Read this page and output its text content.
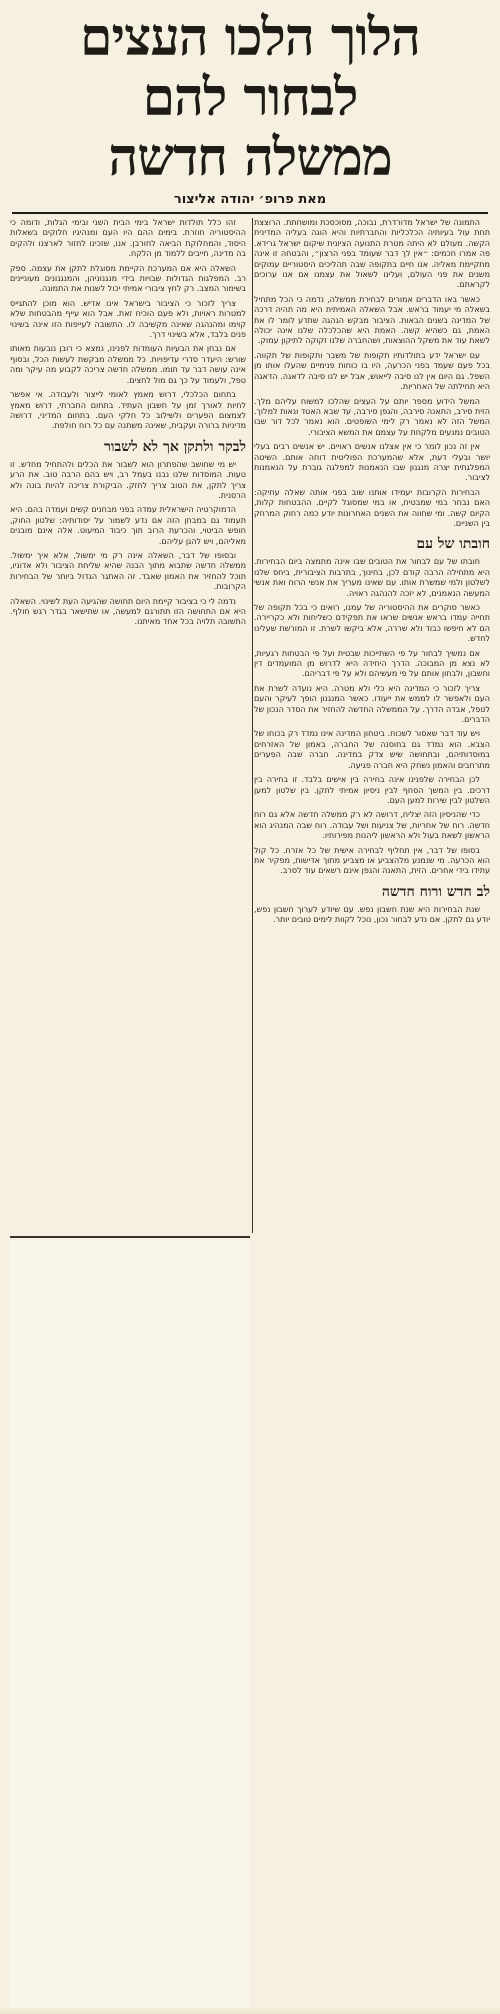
הלוך הלכו העצים
לבחור להם
ממשלה חדשה
מאת פרופ׳ יהודה אליצור

התמונה של ישראל מדורדרת, נבוכה, מסוכסכת ומושחתת. הרוצצת תחת עול בעיותיה הכלכליות והחברתיות והיא הוגה בעליה המדינית הקשה. מעולם לא היתה מטרת התנועה הציונית שיקום ישראל גרידא. פה אמרו חכמים: ״אין לך דבר שעומד בפני הרצון״, והבטחה זו אינה מתקיימת מאליה. אנו חיים בתקופה שבה תהליכים היסטוריים עמוקים משנים את פני העולם, ועלינו לשאול את עצמנו אם אנו ערוכים לקראתם.

כאשר באו הדברים אמורים לבחירת ממשלה, נדמה כי הכל מתחיל בשאלה מי יעמוד בראש. אבל השאלה האמיתית היא מה תהיה דרכה של המדינה בשנים הבאות. הציבור מבקש הנהגה שתדע לומר לו את האמת, גם כשהיא קשה. האמת היא שהכלכלה שלנו אינה יכולה לשאת עוד את משקל ההוצאות, ושהחברה שלנו זקוקה לתיקון עמוק.

עם ישראל ידע בתולדותיו תקופות של משבר ותקופות של תקווה. בכל פעם שעמד בפני הכרעה, היו בו כוחות פנימיים שהעלו אותו מן השפל. גם היום אין לנו סיבה לייאוש, אבל יש לנו סיבה לדאגה. הדאגה היא תחילתה של האחריות.

המשל הידוע מספר יותם על העצים שהלכו למשוח עליהם מלך. הזית סירב, התאנה סירבה, והגפן סירבה, עד שבא האטד ונאות למלוך. המשל הזה לא נאמר רק לימי השופטים. הוא נאמר לכל דור שבו הטובים נמנעים מלקחת על עצמם את המשא הציבורי.

אין זה נכון לומר כי אין אצלנו אנשים ראויים. יש אנשים רבים בעלי יושר ובעלי דעת, אלא שהמערכת הפוליטית דוחה אותם. השיטה המפלגתית יצרה מנגנון שבו הנאמנות למפלגה גוברת על הנאמנות לציבור.

הבחירות הקרובות יעמידו אותנו שוב בפני אותה שאלה עתיקה: האם נבחר במי שמבטיח, או במי שמסוגל לקיים. ההבטחות קלות, הקיום קשה. ומי שחווה את השנים האחרונות יודע כמה רחוק המרחק בין השניים.

חובתו של עם

חובתו של עם לבחור את הטובים שבו אינה מתמצה ביום הבחירות. היא מתחילה הרבה קודם לכן, בחינוך, בתרבות הציבורית, ביחס שלנו לשלטון ולמי שמשרת אותו. עם שאינו מעריך את אנשי הרוח ואת אנשי המעשה הנאמנים, לא יזכה להנהגה ראויה.

כאשר סוקרים את ההיסטוריה של עמנו, רואים כי בכל תקופה של תחייה עמדו בראש אנשים שראו את תפקידם כשליחות ולא כקריירה. הם לא חיפשו כבוד ולא שררה, אלא ביקשו לשרת. זו המורשת שעלינו לחדש.

אם נמשיך לבחור על פי השתייכות שבטית ועל פי הבטחות רגעיות, לא נצא מן המבוכה. הדרך היחידה היא לדרוש מן המועמדים דין וחשבון, ולבחון אותם על פי מעשיהם ולא על פי דבריהם.

צריך לזכור כי המדינה היא כלי ולא מטרה. היא נועדה לשרת את העם ולאפשר לו לממש את ייעודו. כאשר המנגנון הופך לעיקר והעם לטפל, אבדה הדרך. על הממשלה החדשה להחזיר את הסדר הנכון של הדברים.

ויש עוד דבר שאסור לשכוח. ביטחון המדינה אינו נמדד רק בכוחו של הצבא. הוא נמדד גם בחוסנה של החברה, באמון של האזרחים במוסדותיהם, ובתחושה שיש צדק במדינה. חברה שבה הפערים מתרחבים והאמון נשחק היא חברה פגיעה.

לכן הבחירה שלפנינו אינה בחירה בין אישים בלבד. זו בחירה בין דרכים. בין המשך הסחף לבין ניסיון אמיתי לתקן. בין שלטון למען השלטון לבין שירות למען העם.

כדי שהניסיון הזה יצליח, דרושה לא רק ממשלה חדשה אלא גם רוח חדשה. רוח של אחריות, של צניעות ושל עבודה. רוח שבה המנהיג הוא הראשון לשאת בעול ולא הראשון ליהנות מפירותיו.

בסופו של דבר, אין תחליף לבחירה אישית של כל אזרח. כל קול הוא הכרעה. מי שנמנע מלהצביע או מצביע מתוך אדישות, מפקיר את עתידו בידי אחרים. הזית, התאנה והגפן אינם רשאים עוד לסרב.

לב חדש ורוח חדשה

שנת הבחירות היא שנת חשבון נפש. עם שיודע לערוך חשבון נפש, יודע גם לתקן. אם נדע לבחור נכון, נוכל לקוות לימים טובים יותר.

זהו כלל תולדות ישראל בימי הבית השני ובימי הגלות, ודומה כי ההיסטוריה חוזרת. בימים ההם היו העם ומנהיגיו חלוקים בשאלות היסוד, והמחלוקת הביאה לחורבן. אנו, שזכינו לחזור לארצנו ולהקים בה מדינה, חייבים ללמוד מן הלקח.

השאלה היא אם המערכת הקיימת מסוגלת לתקן את עצמה. ספק רב. המפלגות הגדולות שבויות בידי מנגנוניהן, והמנגנונים מעוניינים בשימור המצב. רק לחץ ציבורי אמיתי יכול לשנות את התמונה.

צריך לזכור כי הציבור בישראל אינו אדיש. הוא מוכן להתגייס למטרות ראויות, ולא פעם הוכיח זאת. אבל הוא עייף מהבטחות שלא קוימו ומהנהגה שאינה מקשיבה לו. התשובה לעייפות הזו אינה בשינוי פנים בלבד, אלא בשינוי דרך.

אם נבחן את הבעיות העומדות לפנינו, נמצא כי רובן נובעות מאותו שורש: היעדר סדרי עדיפויות. כל ממשלה מבקשת לעשות הכל, ובסוף אינה עושה דבר עד תומו. ממשלה חדשה צריכה לקבוע מה עיקר ומה טפל, ולעמוד על כך גם מול לחצים.

בתחום הכלכלי, דרוש מאמץ לאומי לייצור ולעבודה. אי אפשר לחיות לאורך זמן על חשבון העתיד. בתחום החברתי, דרוש מאמץ לצמצום הפערים ולשילוב כל חלקי העם. בתחום המדיני, דרושה מדיניות ברורה ועקבית, שאינה משתנה עם כל רוח חולפת.

לבקר ולתקן אך לא לשבור

יש מי שחושב שהפתרון הוא לשבור את הכלים ולהתחיל מחדש. זו טעות. המוסדות שלנו נבנו בעמל רב, ויש בהם הרבה טוב. את הרע צריך לתקן, את הטוב צריך לחזק. הביקורת צריכה להיות בונה ולא הרסנית.

הדמוקרטיה הישראלית עמדה בפני מבחנים קשים ועמדה בהם. היא תעמוד גם במבחן הזה אם נדע לשמור על יסודותיה: שלטון החוק, חופש הביטוי, והכרעת הרוב תוך כיבוד המיעוט. אלה אינם מובנים מאליהם, ויש להגן עליהם.

ובסופו של דבר, השאלה אינה רק מי ימשול, אלא איך ימשול. ממשלה חדשה שתבוא מתוך הבנה שהיא שליחת הציבור ולא אדוניו, תוכל להחזיר את האמון שאבד. זה האתגר הגדול ביותר של הבחירות הקרובות.

נדמה לי כי בציבור קיימת היום תחושה שהגיעה העת לשינוי. השאלה היא אם התחושה הזו תתורגם למעשה, או שתישאר בגדר רגש חולף. התשובה תלויה בכל אחד מאיתנו.
